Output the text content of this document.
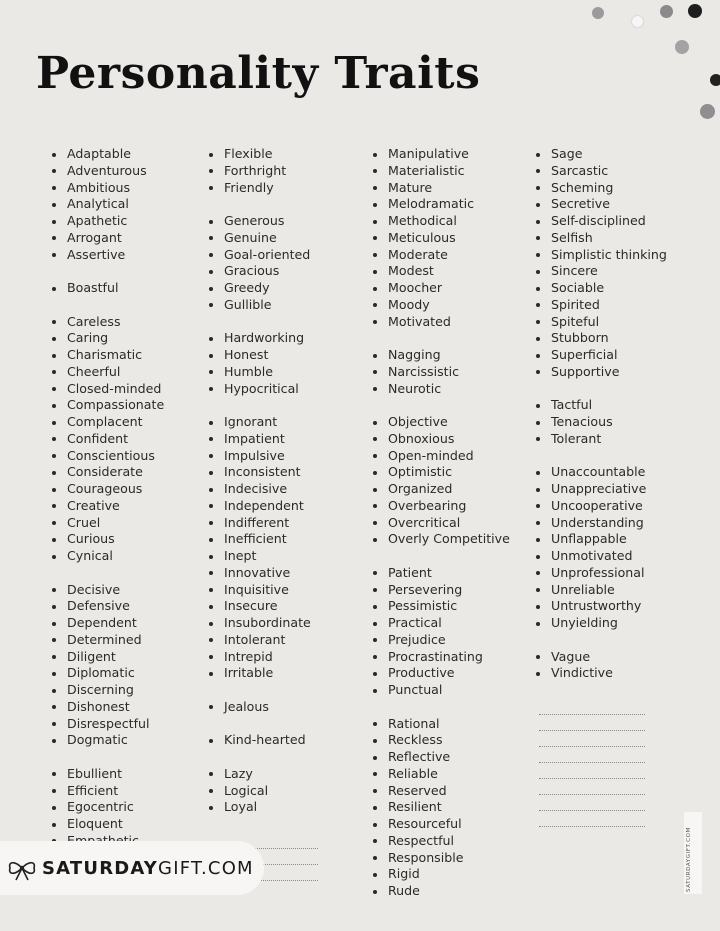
Personality Traits
Adaptable
Adventurous
Ambitious
Analytical
Apathetic
Arrogant
Assertive
Boastful
Careless
Caring
Charismatic
Cheerful
Closed-minded
Compassionate
Complacent
Confident
Conscientious
Considerate
Courageous
Creative
Cruel
Curious
Cynical
Decisive
Defensive
Dependent
Determined
Diligent
Diplomatic
Discerning
Dishonest
Disrespectful
Dogmatic
Ebullient
Efficient
Egocentric
Eloquent
Flexible
Forthright
Friendly
Generous
Genuine
Goal-oriented
Gracious
Greedy
Gullible
Hardworking
Honest
Humble
Hypocritical
Ignorant
Impatient
Impulsive
Inconsistent
Indecisive
Independent
Indifferent
Inefficient
Inept
Innovative
Inquisitive
Insecure
Insubordinate
Intolerant
Intrepid
Irritable
Jealous
Kind-hearted
Lazy
Logical
Loyal
Manipulative
Materialistic
Mature
Melodramatic
Methodical
Meticulous
Moderate
Modest
Moocher
Moody
Motivated
Nagging
Narcissistic
Neurotic
Objective
Obnoxious
Open-minded
Optimistic
Organized
Overbearing
Overcritical
Overly Competitive
Patient
Persevering
Pessimistic
Practical
Prejudice
Procrastinating
Productive
Punctual
Rational
Reckless
Reflective
Reliable
Reserved
Resilient
Resourceful
Respectful
Responsible
Rigid
Rude
Sage
Sarcastic
Scheming
Secretive
Self-disciplined
Selfish
Simplistic thinking
Sincere
Sociable
Spirited
Spiteful
Stubborn
Superficial
Supportive
Tactful
Tenacious
Tolerant
Unaccountable
Unappreciative
Uncooperative
Understanding
Unflappable
Unmotivated
Unprofessional
Unreliable
Untrustworthy
Unyielding
Vague
Vindictive
SATURDAYGIFT.COM	SATURDAYGIFT.COM
